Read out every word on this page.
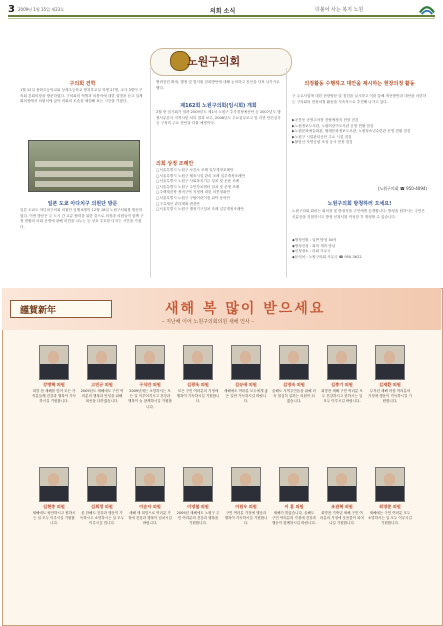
3 2009년 1월 15일 제23호	의회 소식	더불어 사는 복지 노원
노원구의회
구의회 견학
1월 12일 용화초등학교와 상계초등학교 방과후교실 학생 27명, 교사 3명이 구의회 본회의장을 방문하였다. 구의회의 역할과 의장석에 대한 설명을 듣고 실제 회의장에서 의원석에 앉아 의회의 모습을 체험해 보는 시간을 가졌다.
일본 도쿄 아다치구 의원단 방문
일본 도쿄도 아다치구의회 의원단 일행 8명이 12월 18일 노원구의회를 방문하였다. 이번 방문은 두 도시 간 교류 협력을 위한 것으로 의장과 의원들이 함께 구정 현황과 의회 운영에 관해 의견을 나누는 등 상호 우호를 다지는 시간을 가졌다.
협력증진 확대, 행정 및 법지원 강화방안에 대해 논의하고 친선을 다져 나가기로 했다.
제162회 노원구의회(임시회) 개회
2월 중 임시회가 열려 2009년도 제1차 노원구 추가경정예산안 등 2007년도 행정사무감사 지적사항 처리 결과 보고, 2008년도 주요업무보고 및 각종 안건심사 등 구정의 주요 현안을 다룰 예정이다.
의회 상정 조례안
□서울특별시 노원구 보건소 조례 일부개정조례안
□서울특별시 노원구 체육시설 관리 조례 일부개정조례안
□서울특별시 노원구 사회복지기금 설치 및 운용 조례
□서울특별시 노원구 주민자치센터 설치 및 운영 조례
□주택재건축 정비구역 지정에 대한 의견청취안
□서울특별시 노원구 구립어린이집 위탁 동의안
□구유재산 관리계획 변경안
□서울특별시 노원구 행정기구설치 조례 일부개정조례안
의정활동 수행하고 대안을 제시하는 현장의정 활동
구 주요사업에 대한 현장방문 및 점검을 실시하고 이를 통해 개선방안과 대안을 마련하는 구의회의 현장의정 활동을 지속적으로 추진해 나가고 있다.
▶공릉동 공영주차장 건립예정지 현장 점검
▶노원정보도서관, 노원어린이도서관 공영 현황 점검
▶노원문화예술회관, 월계문화정보도서관, 노원청소년수련관 운영 현황 점검
▶노원구 시설관리공단 주요 시설 점검
▶불암산 자연공원 조성 공사 현장 점검
(노원구의회 ☎ 950-4094)
노원구의회 방청하러 오세요!
노원구의회 회의는 회의장 및 방청석을 주민에게 공개합니다. 방청을 원하시는 주민은 신분증을 지참하시고 방청 신청서를 작성한 후 방청할 수 있습니다.
◆방청인원 : 일반 방청 30석
◆방청신청 : 회의 개의 당일
◆신청장소 : 의회 사무국
◆문의처 : 노원구의회 사무국 ☎ 950-3622
謹賀新年	새해 복 많이 받으세요
– 지난해 이어 노원구의회의원 새해 인사 –
강병혁 의원
희망 찬 새해를 맞아 모든 가족분들께 건강과 행복이 가득하시길 기원합니다.
고민규 의원
2009년도 새해에도 구민 여러분의 행복과 안녕을 위해 최선을 다하겠습니다.
구식만 의원
2009년에는 소망하시는 모든 일 이루어지시고 건강과 행복이 늘 함께하시길 기원합니다.
김광욱 의원
모든 구민 여러분의 가정에 행복이 가득하시길 기원합니다.
김승애 의원
새해에도 여러분 모두에게 좋은 일만 가득하시길 바랍니다.
김영숙 의원
올해도 지역주민들을 위해 더욱 열심히 일하는 의원이 되겠습니다.
김종기 의원
희망찬 새해 구민 여러분 모두 건강하시고 뜻하시는 일 모두 이루시길 바랍니다.
김재환 의원
무자년 새해 아침 여러분의 가정에 행운이 가득하시길 기원합니다.
김현중 의원
새해에도 평안하시고 원하시는 일 모두 이루시길 기원합니다.
김희경 의원
올 한해도 건강과 행운이 가득하시고 소망하시는 일 모두 이루시길 빕니다.
이순자 의원
새해 새 희망으로 여러분 가정에 건강과 행복이 넘치시길 바랍니다.
이영철 의원
2009년 새해에도 노원구 주민 여러분의 건강과 행복을 기원합니다.
이원우 의원
구민 여러분 가정에 행운과 행복이 가득하시길 기원합니다.
이 훈 의원
새해가 밝았습니다. 올해도 구민 여러분의 가정에 건강과 행운이 함께하시길 바랍니다.
조관혁 의원
희망찬 기축년 새해 구민 여러분의 가정에 웃음꽃이 피어나길 기원합니다.
최영준 의원
새해에는 구민 여러분 모두 소망하시는 일 모두 이루시길 기원합니다.
